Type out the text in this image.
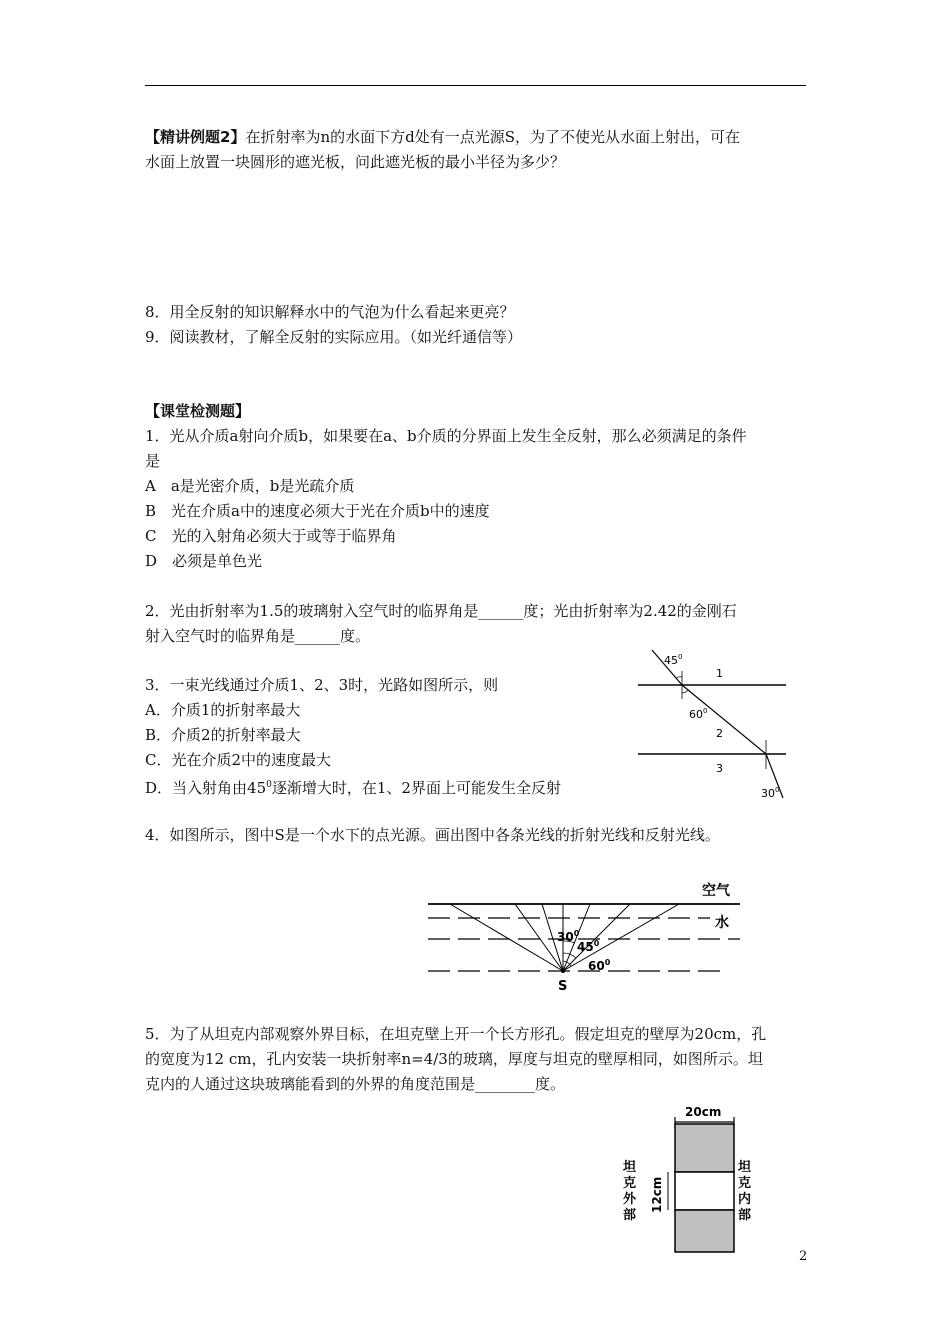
【精讲例题2】在折射率为n的水面下方d处有一点光源S，为了不使光从水面上射出，可在
水面上放置一块圆形的遮光板，问此遮光板的最小半径为多少？
8．用全反射的知识解释水中的气泡为什么看起来更亮？
9．阅读教材，了解全反射的实际应用。（如光纤通信等）
【课堂检测题】
1．光从介质a射向介质b，如果要在a、b介质的分界面上发生全反射，那么必须满足的条件
是
A　a是光密介质，b是光疏介质
B　光在介质a中的速度必须大于光在介质b中的速度
C　光的入射角必须大于或等于临界角
D　必须是单色光
2．光由折射率为1.5的玻璃射入空气时的临界角是______度；光由折射率为2.42的金刚石
射入空气时的临界角是______度。
3．一束光线通过介质1、2、3时，光路如图所示，则
A．介质1的折射率最大
B．介质2的折射率最大
C．光在介质2中的速度最大
D．当入射角由$45^0$逐渐增大时，在1、2界面上可能发生全反射
$45^0$
$60^0$
$30^0$
1
2
3
4．如图所示，图中S是一个水下的点光源。画出图中各条光线的折射光线和反射光线。
空气
水
$30^0$
$45^0$
$60^0$
S
5．为了从坦克内部观察外界目标，在坦克壁上开一个长方形孔。假定坦克的壁厚为20cm，孔
的宽度为12 cm，孔内安装一块折射率n=4/3的玻璃，厚度与坦克的壁厚相同，如图所示。坦
克内的人通过这块玻璃能看到的外界的角度范围是________度。
20cm
12cm
坦
克
外
部
坦
克
内
部
2
